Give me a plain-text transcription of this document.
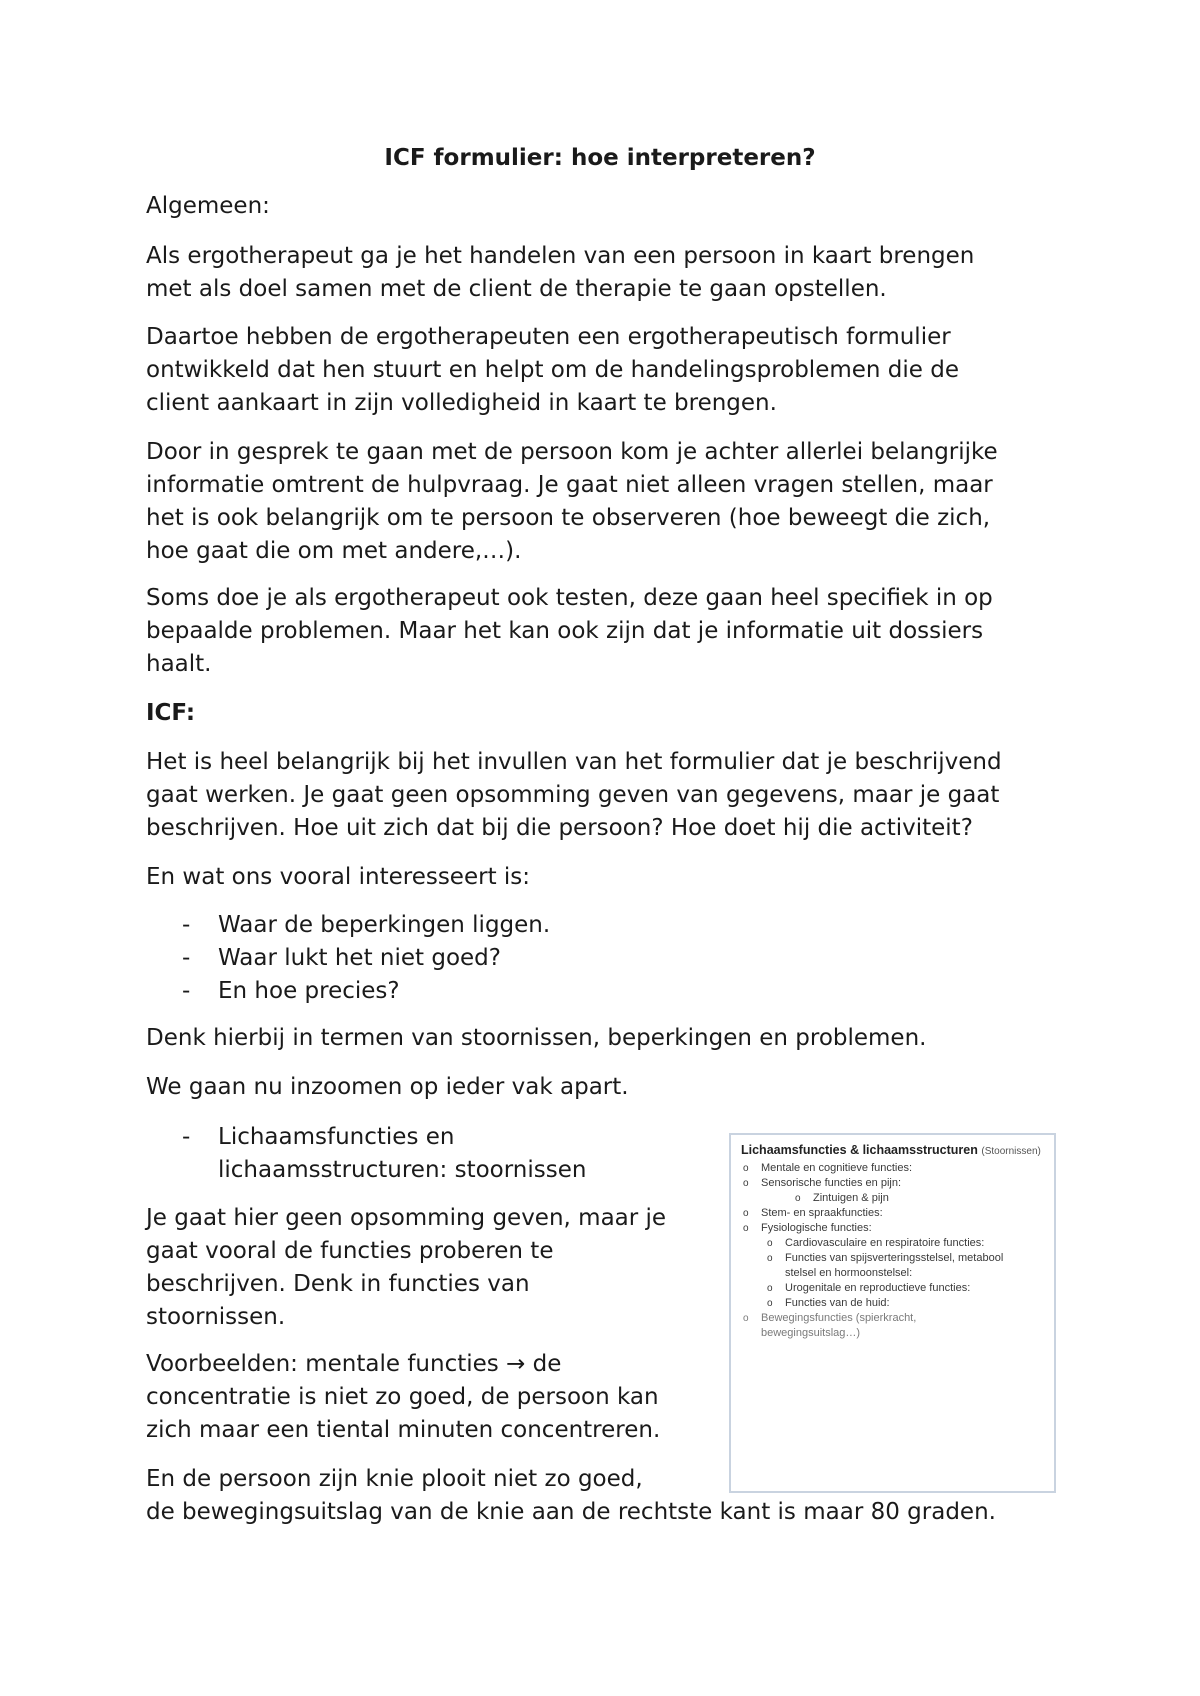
ICF formulier: hoe interpreteren?

Algemeen:

Als ergotherapeut ga je het handelen van een persoon in kaart brengen
met als doel samen met de client de therapie te gaan opstellen.

Daartoe hebben de ergotherapeuten een ergotherapeutisch formulier
ontwikkeld dat hen stuurt en helpt om de handelingsproblemen die de
client aankaart in zijn volledigheid in kaart te brengen.

Door in gesprek te gaan met de persoon kom je achter allerlei belangrijke
informatie omtrent de hulpvraag. Je gaat niet alleen vragen stellen, maar
het is ook belangrijk om te persoon te observeren (hoe beweegt die zich,
hoe gaat die om met andere,…).

Soms doe je als ergotherapeut ook testen, deze gaan heel specifiek in op
bepaalde problemen. Maar het kan ook zijn dat je informatie uit dossiers
haalt.

ICF:

Het is heel belangrijk bij het invullen van het formulier dat je beschrijvend
gaat werken. Je gaat geen opsomming geven van gegevens, maar je gaat
beschrijven. Hoe uit zich dat bij die persoon? Hoe doet hij die activiteit?

En wat ons vooral interesseert is:

- Waar de beperkingen liggen.
- Waar lukt het niet goed?
- En hoe precies?

Denk hierbij in termen van stoornissen, beperkingen en problemen.

We gaan nu inzoomen op ieder vak apart.

- Lichaamsfuncties en
lichaamsstructuren: stoornissen

Je gaat hier geen opsomming geven, maar je
gaat vooral de functies proberen te
beschrijven. Denk in functies van
stoornissen.

Voorbeelden: mentale functies → de
concentratie is niet zo goed, de persoon kan
zich maar een tiental minuten concentreren.

En de persoon zijn knie plooit niet zo goed,
de bewegingsuitslag van de knie aan de rechtste kant is maar 80 graden.

Lichaamsfuncties & lichaamsstructuren (Stoornissen)
o Mentale en cognitieve functies:
o Sensorische functies en pijn:
o Zintuigen & pijn
o Stem- en spraakfuncties:
o Fysiologische functies:
o Cardiovasculaire en respiratoire functies:
o Functies van spijsverteringsstelsel, metabool
stelsel en hormoonstelsel:
o Urogenitale en reproductieve functies:
o Functies van de huid:
o Bewegingsfuncties (spierkracht,
bewegingsuitslag…)
